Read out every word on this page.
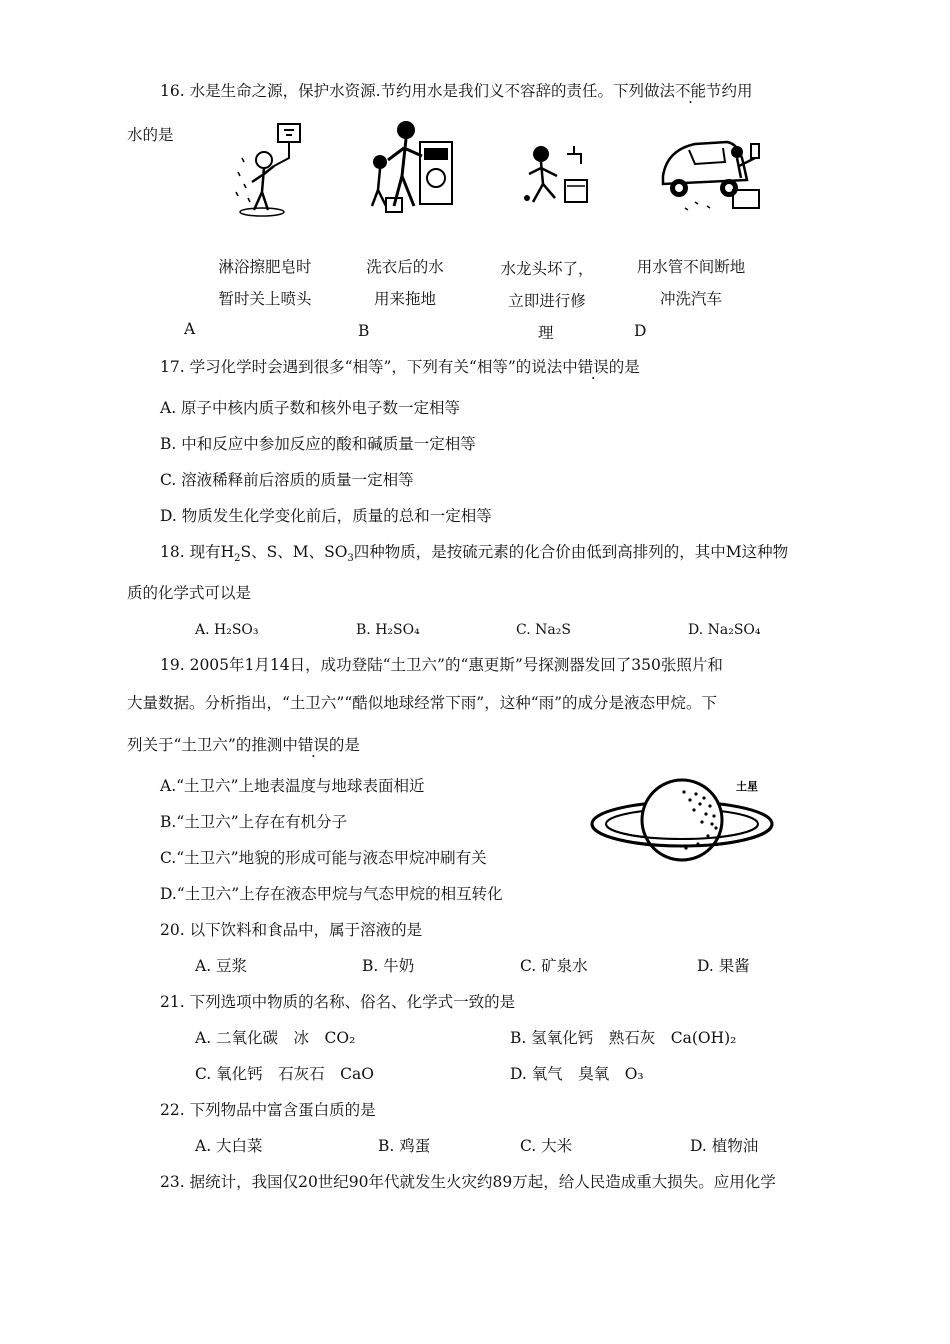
16. 水是生命之源，保护水资源.节约用水是我们义不容辞的责任。下列做法不能节约用
水的是
淋浴擦肥皂时
暂时关上喷头
A
洗衣后的水
用来拖地
B
水龙头坏了，
立即进行修
理
用水管不间断地
冲洗汽车
D
17. 学习化学时会遇到很多“相等”，下列有关“相等”的说法中错误的是
A. 原子中核内质子数和核外电子数一定相等
B. 中和反应中参加反应的酸和碱质量一定相等
C. 溶液稀释前后溶质的质量一定相等
D. 物质发生化学变化前后，质量的总和一定相等
18. 现有$H_2S$、S、M、$SO_3$四种物质，是按硫元素的化合价由低到高排列的，其中M这种物
质的化学式可以是
A. H₂SO₃	B. H₂SO₄	C. Na₂S	D. Na₂SO₄
19. 2005年1月14日，成功登陆“土卫六”的“惠更斯”号探测器发回了350张照片和
大量数据。分析指出，“土卫六”“酷似地球经常下雨”，这种“雨”的成分是液态甲烷。下
列关于“土卫六”的推测中错误的是
A.“土卫六”上地表温度与地球表面相近
B.“土卫六”上存在有机分子
C.“土卫六”地貌的形成可能与液态甲烷冲刷有关
D.“土卫六”上存在液态甲烷与气态甲烷的相互转化
土星
20. 以下饮料和食品中，属于溶液的是
A. 豆浆	B. 牛奶	C. 矿泉水	D. 果酱
21. 下列选项中物质的名称、俗名、化学式一致的是
A. 二氧化碳　冰　CO₂	B. 氢氧化钙　熟石灰　Ca(OH)₂
C. 氧化钙　石灰石　CaO	D. 氧气　臭氧　O₃
22. 下列物品中富含蛋白质的是
A. 大白菜	B. 鸡蛋	C. 大米	D. 植物油
23. 据统计，我国仅20世纪90年代就发生火灾约89万起，给人民造成重大损失。应用化学
